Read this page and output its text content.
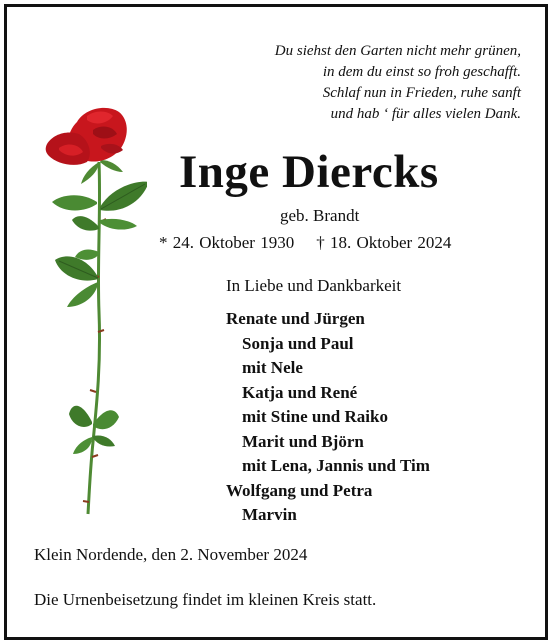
Du siehst den Garten nicht mehr grünen,
in dem du einst so froh geschafft.
Schlaf nun in Frieden, ruhe sanft
und hab ‘ für alles vielen Dank.
Inge Diercks
geb. Brandt
* 24. Oktober 1930 † 18. Oktober 2024
In Liebe und Dankbarkeit
Renate und Jürgen
Sonja und Paul
mit Nele
Katja und René
mit Stine und Raiko
Marit und Björn
mit Lena, Jannis und Tim
Wolfgang und Petra
Marvin
Klein Nordende, den 2. November 2024
Die Urnenbeisetzung findet im kleinen Kreis statt.
